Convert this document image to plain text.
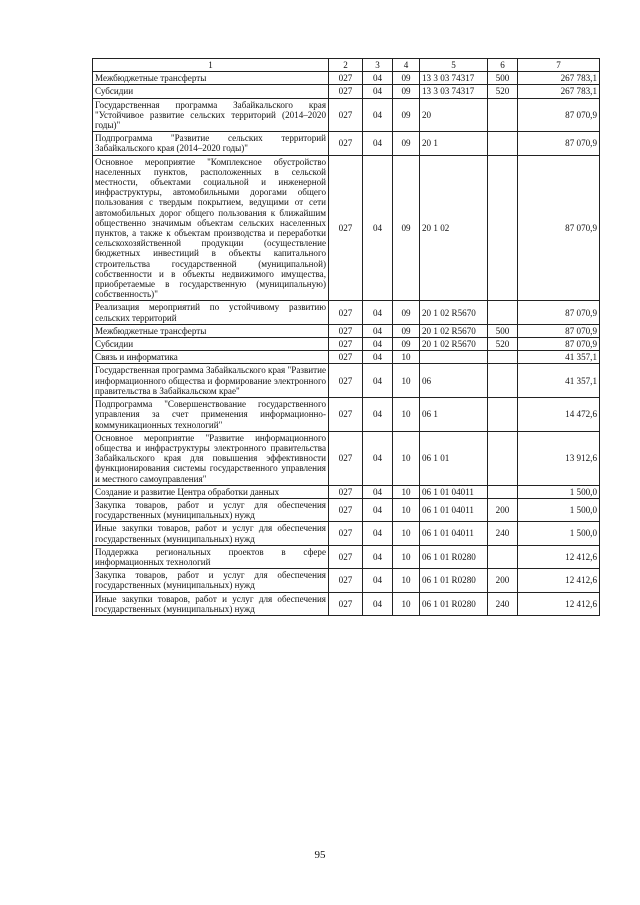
1	2	3	4	5	6	7
Межбюджетные трансферты	027	04	09	13 3 03 74317	500	267 783,1
Субсидии	027	04	09	13 3 03 74317	520	267 783,1
Государственная программа Забайкальского края "Устойчивое развитие сельских территорий (2014–2020 годы)"	027	04	09	20		87 070,9
Подпрограмма "Развитие сельских территорий Забайкальского края (2014–2020 годы)"	027	04	09	20 1		87 070,9
Основное мероприятие "Комплексное обустройство населенных пунктов, расположенных в сельской местности, объектами социальной и инженерной инфраструктуры, автомобильными дорогами общего пользования с твердым покрытием, ведущими от сети автомобильных дорог общего пользования к ближайшим общественно значимым объектам сельских населенных пунктов, а также к объектам производства и переработки сельскохозяйственной продукции (осуществление бюджетных инвестиций в объекты капитального строительства государственной (муниципальной) собственности и в объекты недвижимого имущества, приобретаемые в государственную (муниципальную) собственность)"	027	04	09	20 1 02		87 070,9
Реализация мероприятий по устойчивому развитию сельских территорий	027	04	09	20 1 02 R5670		87 070,9
Межбюджетные трансферты	027	04	09	20 1 02 R5670	500	87 070,9
Субсидии	027	04	09	20 1 02 R5670	520	87 070,9
Связь и информатика	027	04	10			41 357,1
Государственная программа Забайкальского края "Развитие информационного общества и формирование электронного правительства в Забайкальском крае"	027	04	10	06		41 357,1
Подпрограмма "Совершенствование государственного управления за счет применения информационно-коммуникационных технологий"	027	04	10	06 1		14 472,6
Основное мероприятие "Развитие информационного общества и инфраструктуры электронного правительства Забайкальского края для повышения эффективности функционирования системы государственного управления и местного самоуправления"	027	04	10	06 1 01		13 912,6
Создание и развитие Центра обработки данных	027	04	10	06 1 01 04011		1 500,0
Закупка товаров, работ и услуг для обеспечения государственных (муниципальных) нужд	027	04	10	06 1 01 04011	200	1 500,0
Иные закупки товаров, работ и услуг для обеспечения государственных (муниципальных) нужд	027	04	10	06 1 01 04011	240	1 500,0
Поддержка региональных проектов в сфере информационных технологий	027	04	10	06 1 01 R0280		12 412,6
Закупка товаров, работ и услуг для обеспечения государственных (муниципальных) нужд	027	04	10	06 1 01 R0280	200	12 412,6
Иные закупки товаров, работ и услуг для обеспечения государственных (муниципальных) нужд	027	04	10	06 1 01 R0280	240	12 412,6
95
